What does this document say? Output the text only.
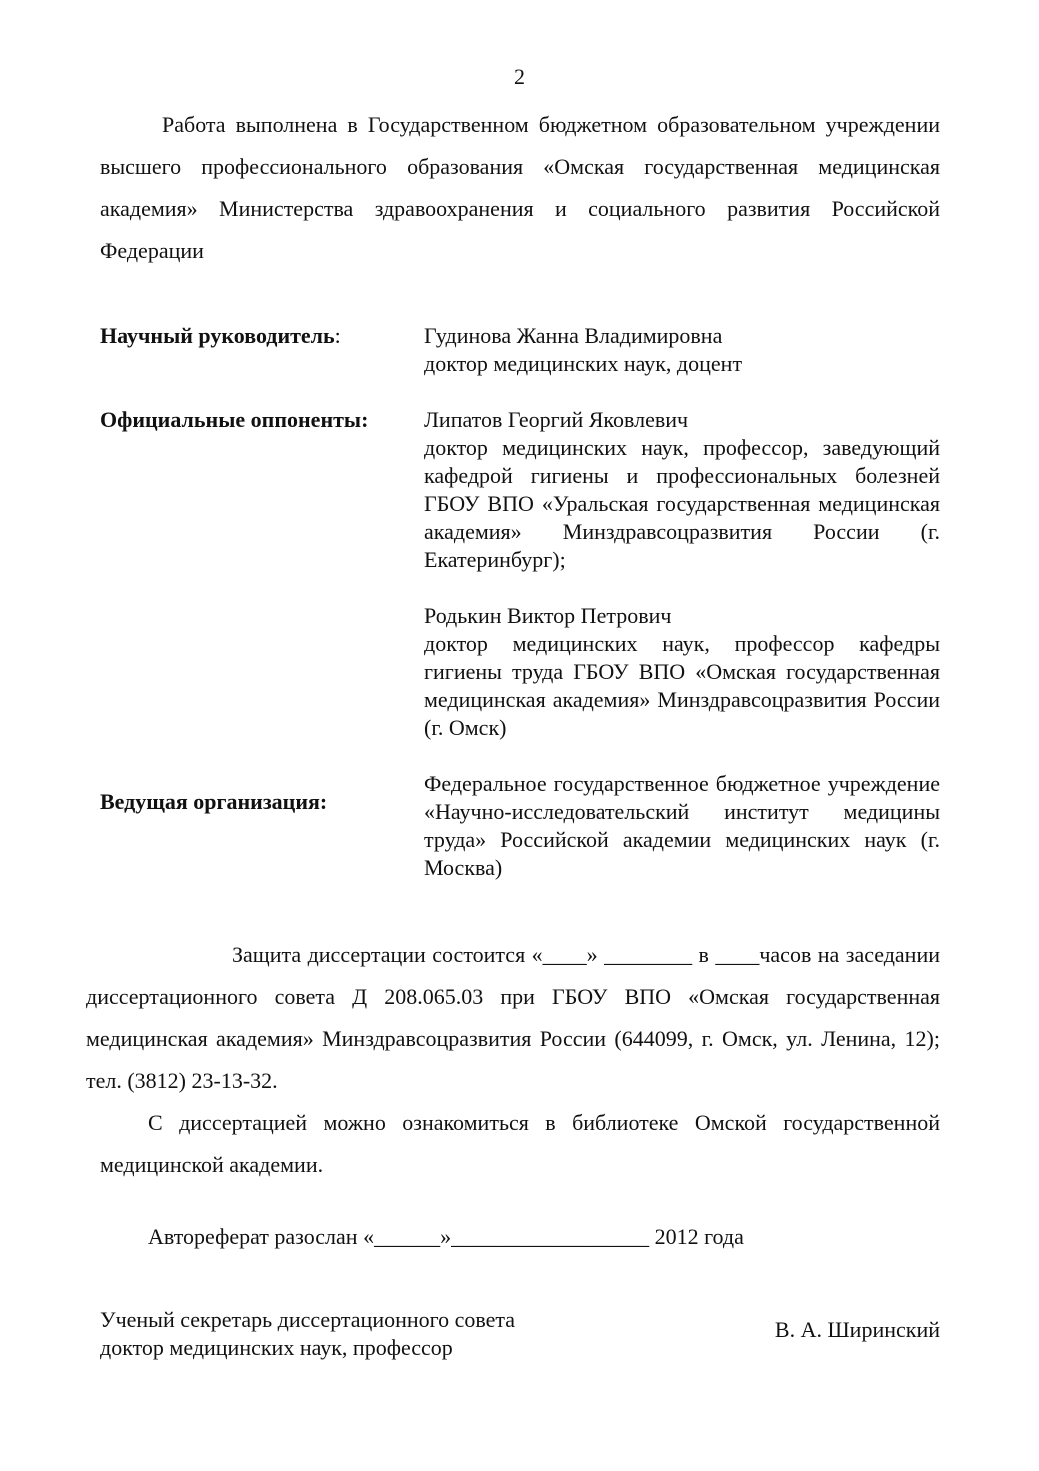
2
Работа выполнена в Государственном бюджетном образовательном учреждении высшего профессионального образования «Омская государственная медицинская академия» Министерства здравоохранения и социального развития Российской Федерации
Научный руководитель:	Гудинова Жанна Владимировна
доктор медицинских наук, доцент
Официальные оппоненты:	Липатов Георгий Яковлевич
доктор медицинских наук, профессор, заведующий кафедрой гигиены и профессиональных болезней ГБОУ ВПО «Уральская государственная медицинская академия» Минздравсоцразвития России (г. Екатеринбург);
Родькин Виктор Петрович
доктор медицинских наук, профессор кафедры гигиены труда ГБОУ ВПО «Омская государственная медицинская академия» Минздравсоцразвития России (г. Омск)
Ведущая организация:
Федеральное государственное бюджетное учреждение «Научно-исследовательский институт медицины труда» Российской академии медицинских наук (г. Москва)
Защита диссертации состоится «____» ________ в ____часов на заседании диссертационного совета Д 208.065.03 при ГБОУ ВПО «Омская государственная медицинская академия» Минздравсоцразвития России (644099, г. Омск, ул. Ленина, 12); тел. (3812) 23-13-32.
С диссертацией можно ознакомиться в библиотеке Омской государственной медицинской академии.
Автореферат разослан «______»__________________ 2012 года
Ученый секретарь диссертационного совета
доктор медицинских наук, профессор
В. А. Ширинский
